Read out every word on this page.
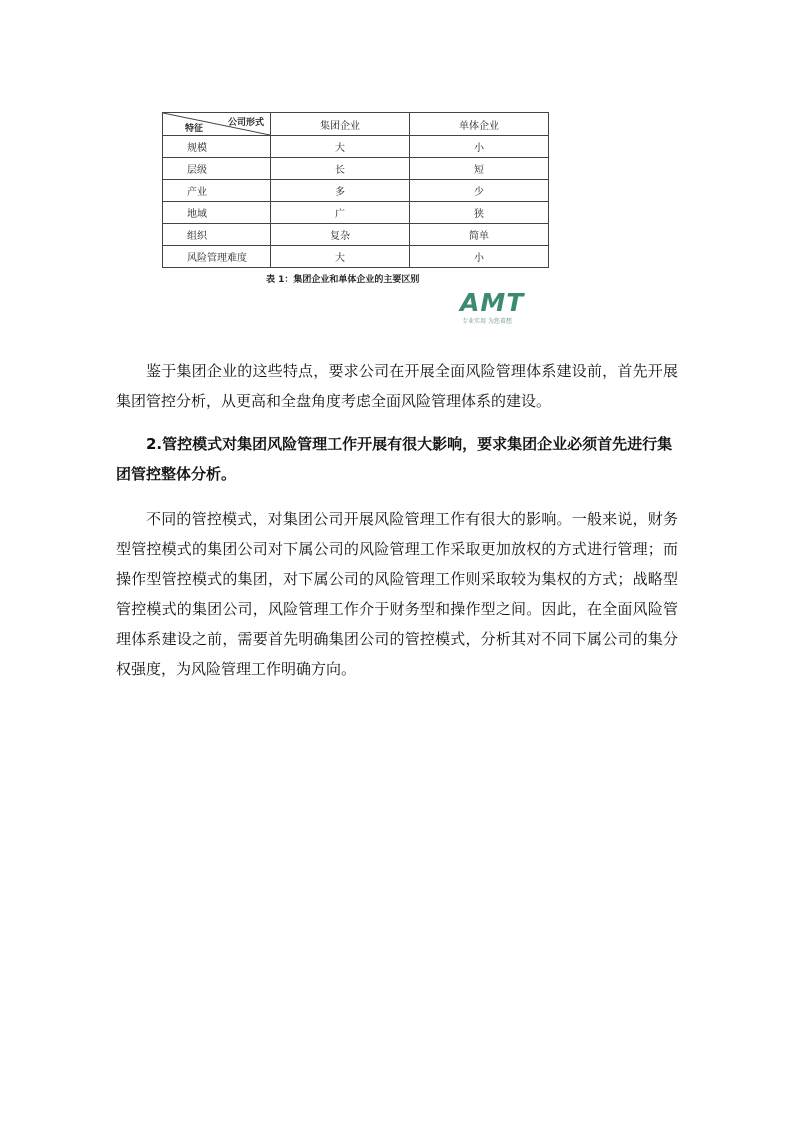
公司形式
特征	集团企业	单体企业
规模	大	小
层级	长	短
产业	多	少
地域	广	狭
组织	复杂	简单
风险管理难度	大	小
表 1：集团企业和单体企业的主要区别
AMT
专业实用 为您着想

鉴于集团企业的这些特点，要求公司在开展全面风险管理体系建设前，首先开展集团管控分析，从更高和全盘角度考虑全面风险管理体系的建设。

2.管控模式对集团风险管理工作开展有很大影响，要求集团企业必须首先进行集团管控整体分析。

不同的管控模式，对集团公司开展风险管理工作有很大的影响。一般来说，财务型管控模式的集团公司对下属公司的风险管理工作采取更加放权的方式进行管理；而操作型管控模式的集团，对下属公司的风险管理工作则采取较为集权的方式；战略型管控模式的集团公司，风险管理工作介于财务型和操作型之间。因此，在全面风险管理体系建设之前，需要首先明确集团公司的管控模式，分析其对不同下属公司的集分权强度，为风险管理工作明确方向。
